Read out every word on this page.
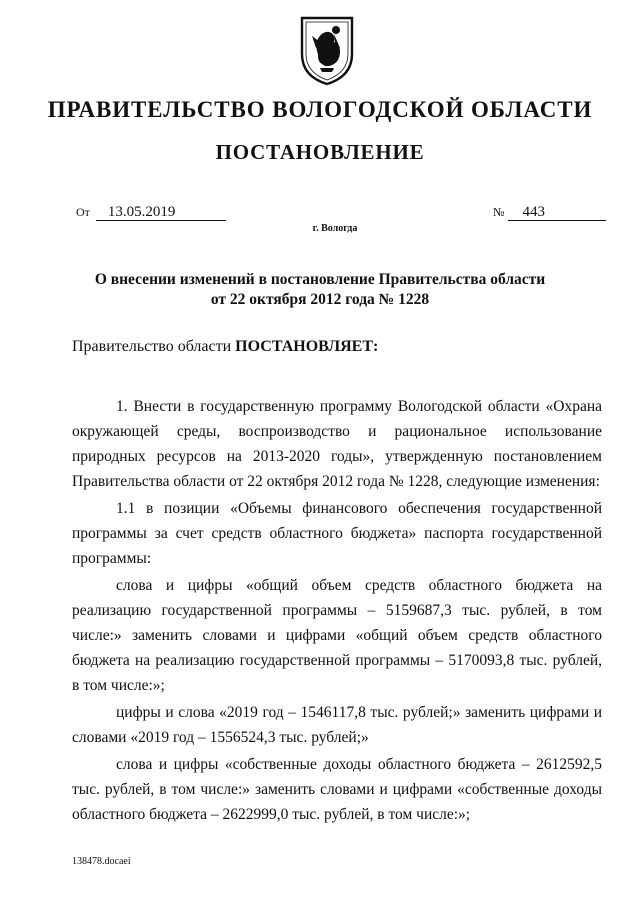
ПРАВИТЕЛЬСТВО ВОЛОГОДСКОЙ ОБЛАСТИ
ПОСТАНОВЛЕНИЕ
От 13.05.2019	№ 443
г. Вологда
О внесении изменений в постановление Правительства области
от 22 октября 2012 года № 1228
Правительство области ПОСТАНОВЛЯЕТ:

1. Внести в государственную программу Вологодской области «Охрана окружающей среды, воспроизводство и рациональное использование природных ресурсов на 2013-2020 годы», утвержденную постановлением Правительства области от 22 октября 2012 года № 1228, следующие изменения:

1.1 в позиции «Объемы финансового обеспечения государственной программы за счет средств областного бюджета» паспорта государственной программы:

слова и цифры «общий объем средств областного бюджета на реализацию государственной программы – 5159687,3 тыс. рублей, в том числе:» заменить словами и цифрами «общий объем средств областного бюджета на реализацию государственной программы – 5170093,8 тыс. рублей, в том числе:»;

цифры и слова «2019 год – 1546117,8 тыс. рублей;» заменить цифрами и словами «2019 год – 1556524,3 тыс. рублей;»

слова и цифры «собственные доходы областного бюджета – 2612592,5 тыс. рублей, в том числе:» заменить словами и цифрами «собственные доходы областного бюджета – 2622999,0 тыс. рублей, в том числе:»;

138478.docaei
